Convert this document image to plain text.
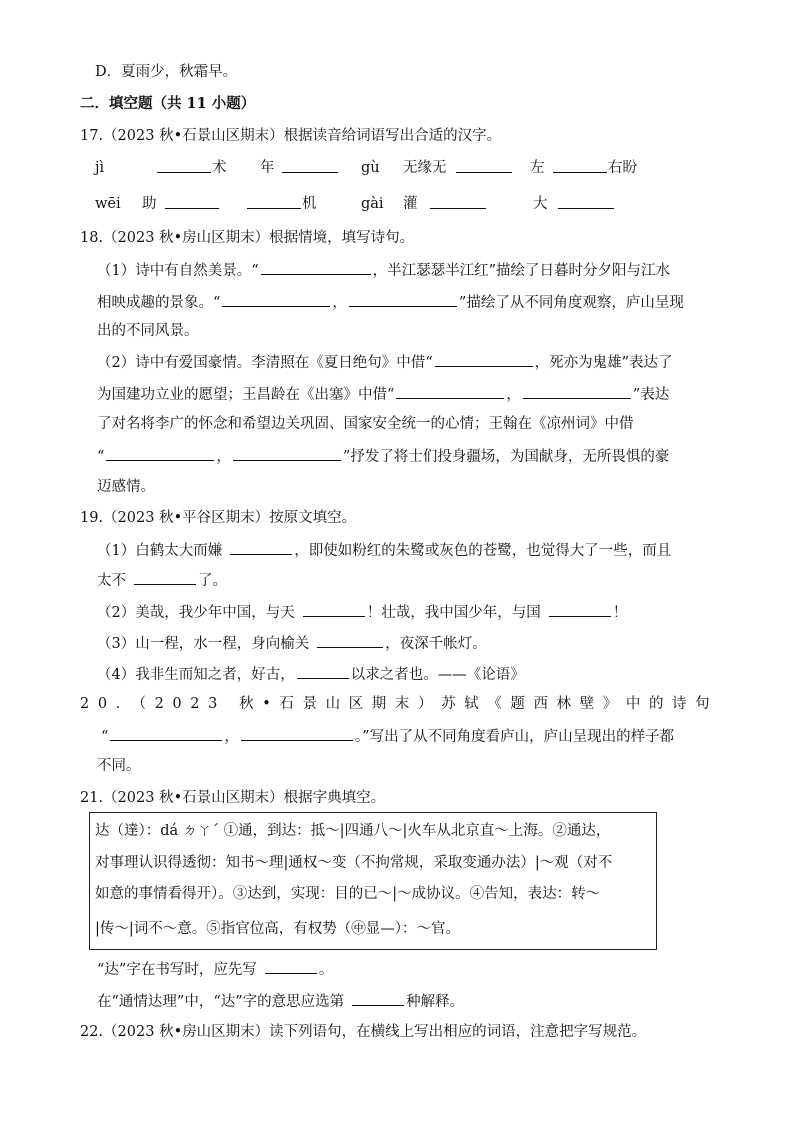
D．夏雨少，秋霜早。
二．填空题（共 11 小题）
17.（2023 秋•石景山区期末）根据读音给词语写出合适的汉字。
jì	术 年	gù 无缘无	左	右盼
wēi 助	机	gài 灌	大
18.（2023 秋•房山区期末）根据情境，填写诗句。
（1）诗中有自然美景。“	，半江瑟瑟半江红”描绘了日暮时分夕阳与江水
相映成趣的景象。“	，	”描绘了从不同角度观察，庐山呈现
出的不同风景。
（2）诗中有爱国豪情。李清照在《夏日绝句》中借“	，死亦为鬼雄”表达了
为国建功立业的愿望；王昌龄在《出塞》中借“	，	”表达
了对名将李广的怀念和希望边关巩固、国家安全统一的心情；王翰在《凉州词》中借
“	，	”抒发了将士们投身疆场，为国献身，无所畏惧的豪
迈感情。
19.（2023 秋•平谷区期末）按原文填空。
（1）白鹤太大而嫌	，即使如粉红的朱鹭或灰色的苍鹭，也觉得大了一些，而且
太不	了。
（2）美哉，我少年中国，与天	！壮哉，我中国少年，与国	！
（3）山一程，水一程，身向榆关	，夜深千帐灯。
（4）我非生而知之者，好古，	以求之者也。——《论语》
20．（2023 秋•石景山区期末）苏轼《题西林壁》中的诗句
“	，	。”写出了从不同角度看庐山，庐山呈现出的样子都
不同。
21.（2023 秋•石景山区期末）根据字典填空。
达（達）：dá ㄉㄚˊ ①通，到达：抵～|四通八～|火车从北京直～上海。②通达，
对事理认识得透彻：知书～理|通权～变（不拘常规，采取变通办法）|～观（对不
如意的事情看得开）。③达到，实现：目的已～|～成协议。④告知，表达：转～
|传～|词不～意。⑤指官位高，有权势（㊥显—）：～官。
“达”字在书写时，应先写	。
在“通情达理”中，“达”字的意思应选第	种解释。
22.（2023 秋•房山区期末）读下列语句，在横线上写出相应的词语，注意把字写规范。
